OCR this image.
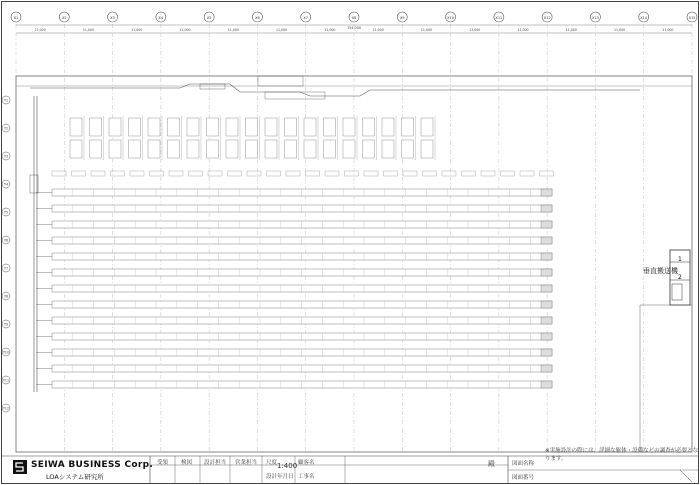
X1	X2	X3	X4	X5	X6	X7	X8	X9	X10	X11	X12	X13	X14	X15
Y1
Y2
Y3
Y4
Y5
Y6
Y7
Y8
Y9
Y10
Y11
Y12
11,000	11,000	11,000	11,000	11,000	11,000	11,000	11,000	11,000	11,000	11,000	11,000	11,000	11,000
154,000
1
2
垂直搬送機
※実施設計の際には、詳細な躯体・設備などの調査が必要となります。
SEIWA BUSINESS Corp.
LOAシステム研究所
受領 検図 設計担当 営業担当 尺度 1:400
設計年月日
顧客名	殿
工事名
図面名称
図面番号
